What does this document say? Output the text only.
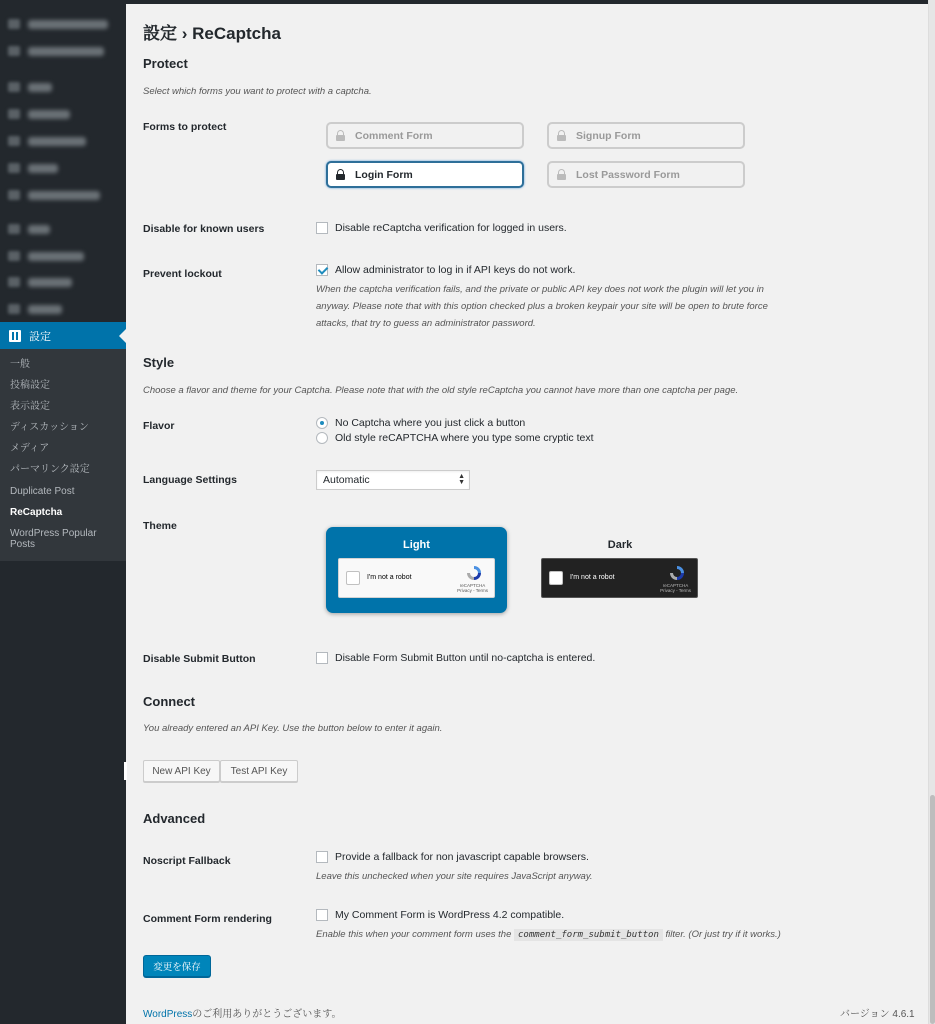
設定
一般
投稿設定
表示設定
ディスカッション
メディア
パーマリンク設定
Duplicate Post
ReCaptcha
WordPress Popular Posts
設定 › ReCaptcha
Protect

Select which forms you want to protect with a captcha.

Forms to protect
Comment Form	Signup Form
Login Form	Lost Password Form
Disable for known users	Disable reCaptcha verification for logged in users.
Prevent lockout	Allow administrator to log in if API keys do not work.
When the captcha verification fails, and the private or public API key does not work the plugin will let you in
anyway. Please note that with this option checked plus a broken keypair your site will be open to brute force
attacks, that try to guess an administrator password.
Style

Choose a flavor and theme for your Captcha. Please note that with the old style reCaptcha you cannot have more than one captcha per page.

Flavor	No Captcha where you just click a button
Old style reCAPTCHA where you type some cryptic text
Language Settings	Automatic	▲
▼
Theme
Light
I'm not a robot
reCAPTCHA
Privacy - Terms
Dark
I'm not a robot
reCAPTCHA
Privacy - Terms
Disable Submit Button	Disable Form Submit Button until no-captcha is entered.
Connect

You already entered an API Key. Use the button below to enter it again.

New API Key	Test API Key
Advanced
Noscript Fallback	Provide a fallback for non javascript capable browsers.
Leave this unchecked when your site requires JavaScript anyway.
Comment Form rendering	My Comment Form is WordPress 4.2 compatible.
Enable this when your comment form uses the comment_form_submit_button filter. (Or just try if it works.)
変更を保存
WordPressのご利用ありがとうございます。	バージョン 4.6.1
